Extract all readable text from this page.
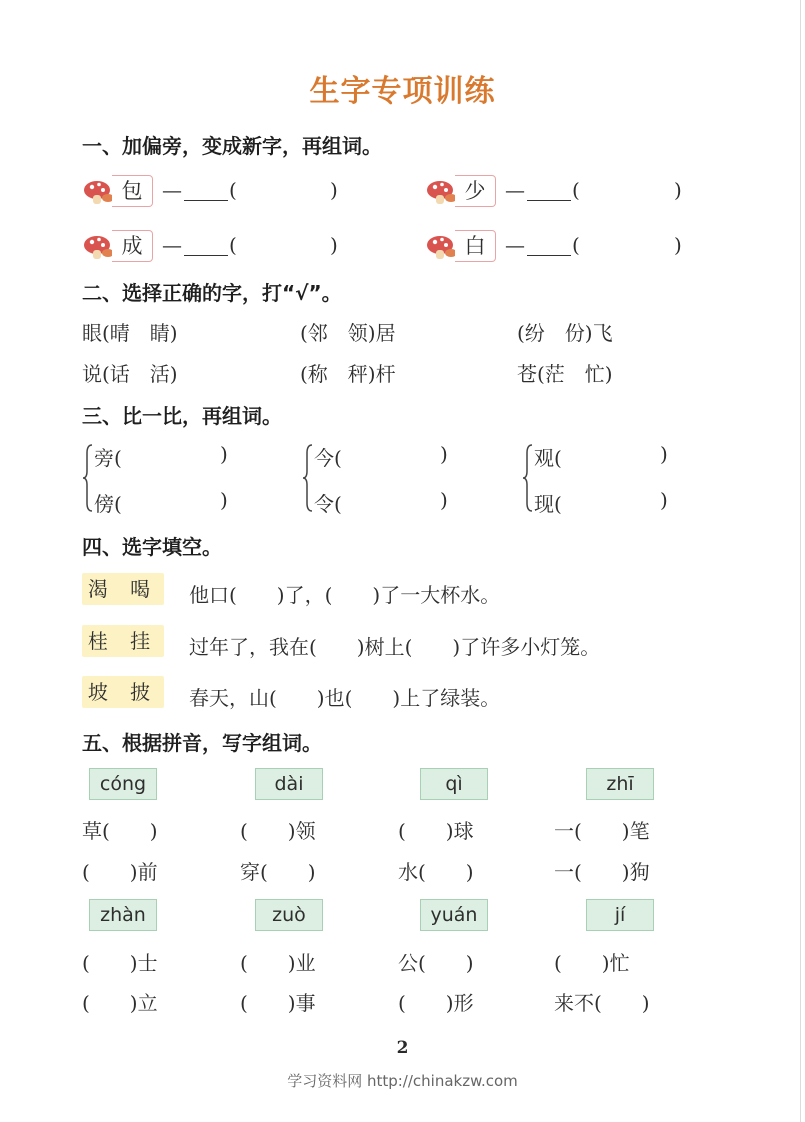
生字专项训练
一、加偏旁，变成新字，再组词。
包 — (	)	少 — (	)
成 — (	)	白 — (	)
二、选择正确的字，打“√”。
眼(晴　睛)	(邻　领)居	(纷　份)飞
说(话　活)	(称　秤)杆	苍(茫　忙)
三、比一比，再组词。
旁(	)
傍(	)
今(	)
令(	)
观(	)
现(	)
四、选字填空。
渴 喝 他口(　　)了，(　　)了一大杯水。
桂 挂 过年了，我在(　　)树上(　　)了许多小灯笼。
坡 披 春天，山(　　)也(　　)上了绿装。
五、根据拼音，写字组词。
cóng	dài	qì	zhī
草(　　)	(　　)领	(　　)球	一(　　)笔
(　　)前	穿(　　)	水(　　)	一(　　)狗
zhàn	zuò	yuán	jí
(　　)士	(　　)业	公(　　)	(　　)忙
(　　)立	(　　)事	(　　)形	来不(　　)
2
学习资料网 http://chinakzw.com
